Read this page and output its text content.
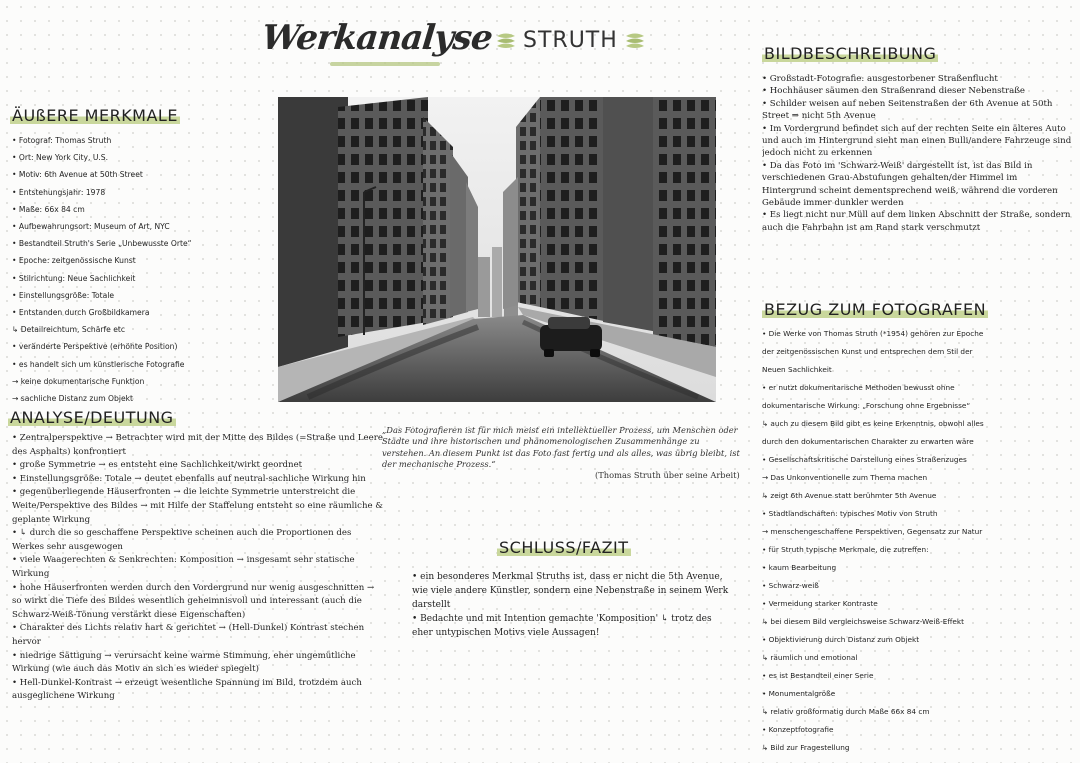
Werkanalyse STRUTH
ÄUßERE MERKMALE
• Fotograf: Thomas Struth
• Ort: New York City, U.S.
• Motiv: 6th Avenue at 50th Street
• Entstehungsjahr: 1978
• Maße: 66x 84 cm
• Aufbewahrungsort: Museum of Art, NYC
• Bestandteil Struth's Serie „Unbewusste Orte“
• Epoche: zeitgenössische Kunst
• Stilrichtung: Neue Sachlichkeit
• Einstellungsgröße: Totale
• Entstanden durch Großbildkamera
↳ Detailreichtum, Schärfe etc
• veränderte Perspektive (erhöhte Position)
• es handelt sich um künstlerische Fotografie
→ keine dokumentarische Funktion
→ sachliche Distanz zum Objekt
ANALYSE/DEUTUNG
• Zentralperspektive → Betrachter wird mit der Mitte des Bildes (=Straße und Leere des Asphalts) konfrontiert
• große Symmetrie → es entsteht eine Sachlichkeit/wirkt geordnet
• Einstellungsgröße: Totale → deutet ebenfalls auf neutral-sachliche Wirkung hin
• gegenüberliegende Häuserfronten → die leichte Symmetrie unterstreicht die Weite/Perspektive des Bildes → mit Hilfe der Staffelung entsteht so eine räumliche & geplante Wirkung
• ↳ durch die so geschaffene Perspektive scheinen auch die Proportionen des Werkes sehr ausgewogen
• viele Waagerechten & Senkrechten: Komposition → insgesamt sehr statische Wirkung
• hohe Häuserfronten werden durch den Vordergrund nur wenig ausgeschnitten → so wirkt die Tiefe des Bildes wesentlich geheimnisvoll und interessant (auch die Schwarz-Weiß-Tönung verstärkt diese Eigenschaften)
• Charakter des Lichts relativ hart & gerichtet → (Hell-Dunkel) Kontrast stechen hervor
• niedrige Sättigung → verursacht keine warme Stimmung, eher ungemütliche Wirkung (wie auch das Motiv an sich es wieder spiegelt)
• Hell-Dunkel-Kontrast → erzeugt wesentliche Spannung im Bild, trotzdem auch ausgeglichene Wirkung
„Das Fotografieren ist für mich meist ein intellektueller Prozess, um Menschen oder Städte und ihre historischen und phänomenologischen Zusammenhänge zu verstehen. An diesem Punkt ist das Foto fast fertig und als alles, was übrig bleibt, ist der mechanische Prozess.“
(Thomas Struth über seine Arbeit)
SCHLUSS/FAZIT
• ein besonderes Merkmal Struths ist, dass er nicht die 5th Avenue, wie viele andere Künstler, sondern eine Nebenstraße in seinem Werk darstellt
• Bedachte und mit Intention gemachte 'Komposition' ↳ trotz des eher untypischen Motivs viele Aussagen!
BILDBESCHREIBUNG
• Großstadt-Fotografie: ausgestorbener Straßenflucht
• Hochhäuser säumen den Straßenrand dieser Nebenstraße
• Schilder weisen auf neben Seitenstraßen der 6th Avenue at 50th Street ⇒ nicht 5th Avenue
• Im Vordergrund befindet sich auf der rechten Seite ein älteres Auto und auch im Hintergrund sieht man einen Bulli/andere Fahrzeuge sind jedoch nicht zu erkennen
• Da das Foto im 'Schwarz-Weiß' dargestellt ist, ist das Bild in verschiedenen Grau-Abstufungen gehalten/der Himmel im Hintergrund scheint dementsprechend weiß, während die vorderen Gebäude immer dunkler werden
• Es liegt nicht nur Müll auf dem linken Abschnitt der Straße, sondern auch die Fahrbahn ist am Rand stark verschmutzt
BEZUG ZUM FOTOGRAFEN
• Die Werke von Thomas Struth (*1954) gehören zur Epoche
der zeitgenössischen Kunst und entsprechen dem Stil der
Neuen Sachlichkeit
• er nutzt dokumentarische Methoden bewusst ohne
dokumentarische Wirkung: „Forschung ohne Ergebnisse“
↳ auch zu diesem Bild gibt es keine Erkenntnis, obwohl alles
durch den dokumentarischen Charakter zu erwarten wäre
• Gesellschaftskritische Darstellung eines Straßenzuges
→ Das Unkonventionelle zum Thema machen
↳ zeigt 6th Avenue statt berühmter 5th Avenue
• Stadtlandschaften: typisches Motiv von Struth
→ menschengeschaffene Perspektiven, Gegensatz zur Natur
• für Struth typische Merkmale, die zutreffen:
• kaum Bearbeitung
• Schwarz-weiß
• Vermeidung starker Kontraste
↳ bei diesem Bild vergleichsweise Schwarz-Weiß-Effekt
• Objektivierung durch Distanz zum Objekt
↳ räumlich und emotional
• es ist Bestandteil einer Serie
• Monumentalgröße
↳ relativ großformatig durch Maße 66x 84 cm
• Konzeptfotografie
↳ Bild zur Fragestellung
